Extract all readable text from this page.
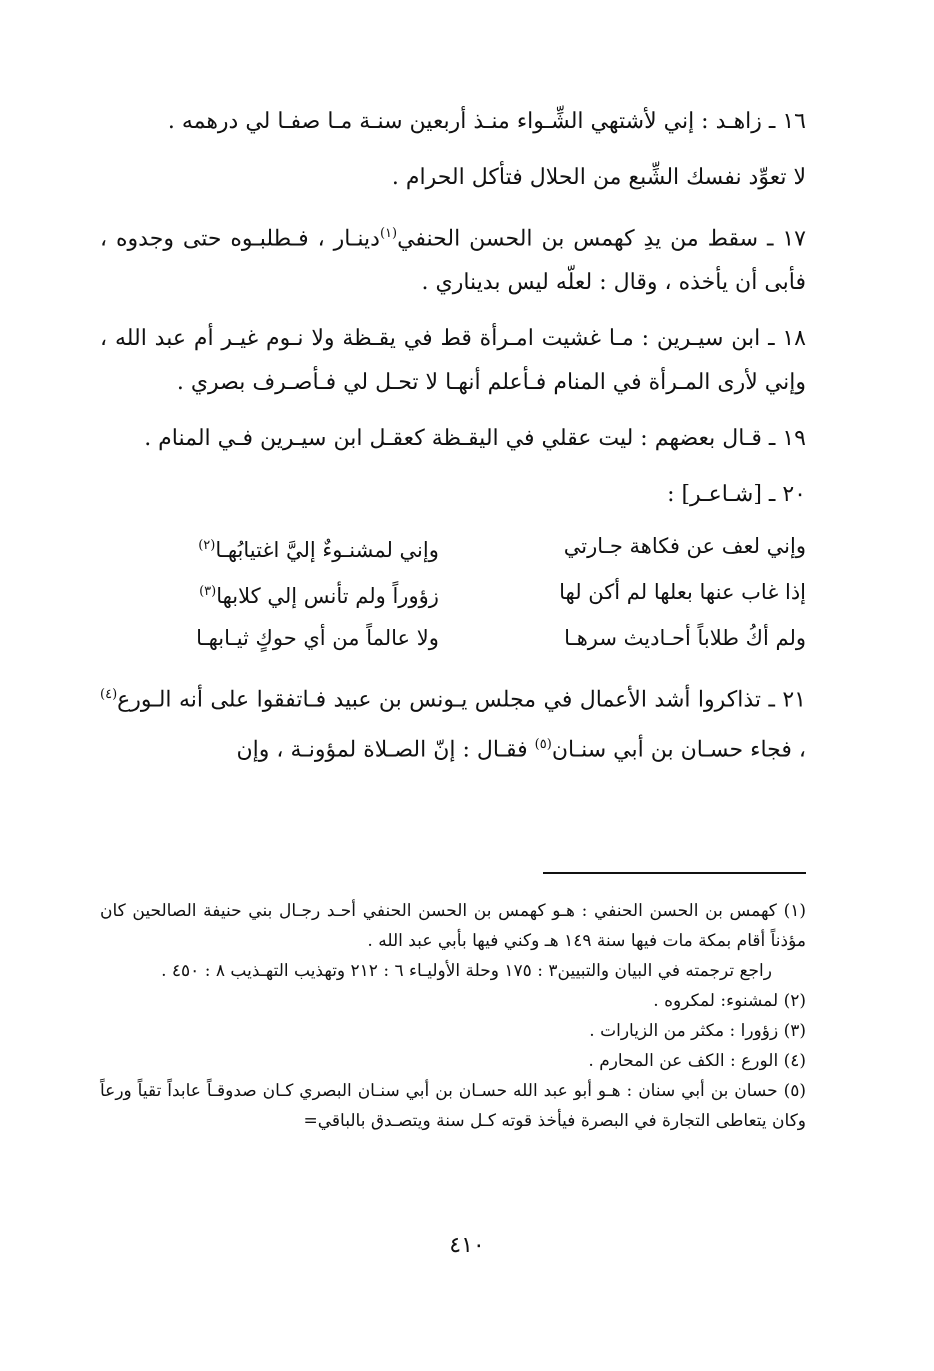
١٦ ـ زاهـد : إني لأشتهي الشِّـواء منـذ أربعين سنـة مـا صفـا لي درهمه .

لا تعوِّد نفسك الشِّبع من الحلال فتأكل الحرام .

١٧ ـ سقط من يدِ كهمس بن الحسن الحنفي$^{(١)}$دينـار ، فـطلبـوه حتى وجدوه ، فأبى أن يأخذه ، وقال : لعلّه ليس بديناري .

١٨ ـ ابن سيـرين : مـا غشيت امـرأة قط في يقـظة ولا نـوم غيـر أم عبد الله ، وإني لأرى المـرأة في المنام فـأعلم أنهـا لا تحـل لي فـأصـرف بصري .

١٩ ـ قـال بعضهم : ليت عقلي في اليقـظة كعقـل ابن سيـرين فـي المنام .

٢٠ ـ [شـاعـر] :

وإني لعف عن فكاهة جـارتي
وإني لمشنـوءٌ إليَّ اغتيابُهـا$^{(٢)}$
إذا غاب عنها بعلها لم أكن لها
زؤوراً ولم تأنس إلي كلابها$^{(٣)}$
ولم أكُ طلاباً أحـاديث سرهـا
ولا عالماً من أي حوكٍ ثيـابهـا

٢١ ـ تذاكروا أشد الأعمال في مجلس يـونس بن عبيد فـاتفقوا على أنه الـورع$^{(٤)}$ ، فجاء حسـان بن أبي سنـان$^{(٥)}$ فقـال : إنّ الصـلاة لمؤونـة ، وإن

(١) كهمس بن الحسن الحنفي : هـو كهمس بن الحسن الحنفي أحـد رجـال بني حنيفة الصالحين كان مؤذناً أقام بمكة مات فيها سنة ١٤٩ هـ وكني فيها بأبي عبد الله .

راجع ترجمته في البيان والتبيين٣ : ١٧٥ وحلة الأوليـاء ٦ : ٢١٢ وتهذيب التهـذيب ٨ : ٤٥٠ .

(٢) لمشنوء: لمكروه .

(٣) زؤورا : مكثر من الزيارات .

(٤) الورع : الكف عن المحارم .

(٥) حسان بن أبي سنان : هـو أبو عبد الله حسـان بن أبي سنـان البصري كـان صدوقـاً عابداً تقياً ورعاً وكان يتعاطى التجارة في البصرة فيأخذ قوته كـل سنة ويتصـدق بالباقي=

٤١٠
